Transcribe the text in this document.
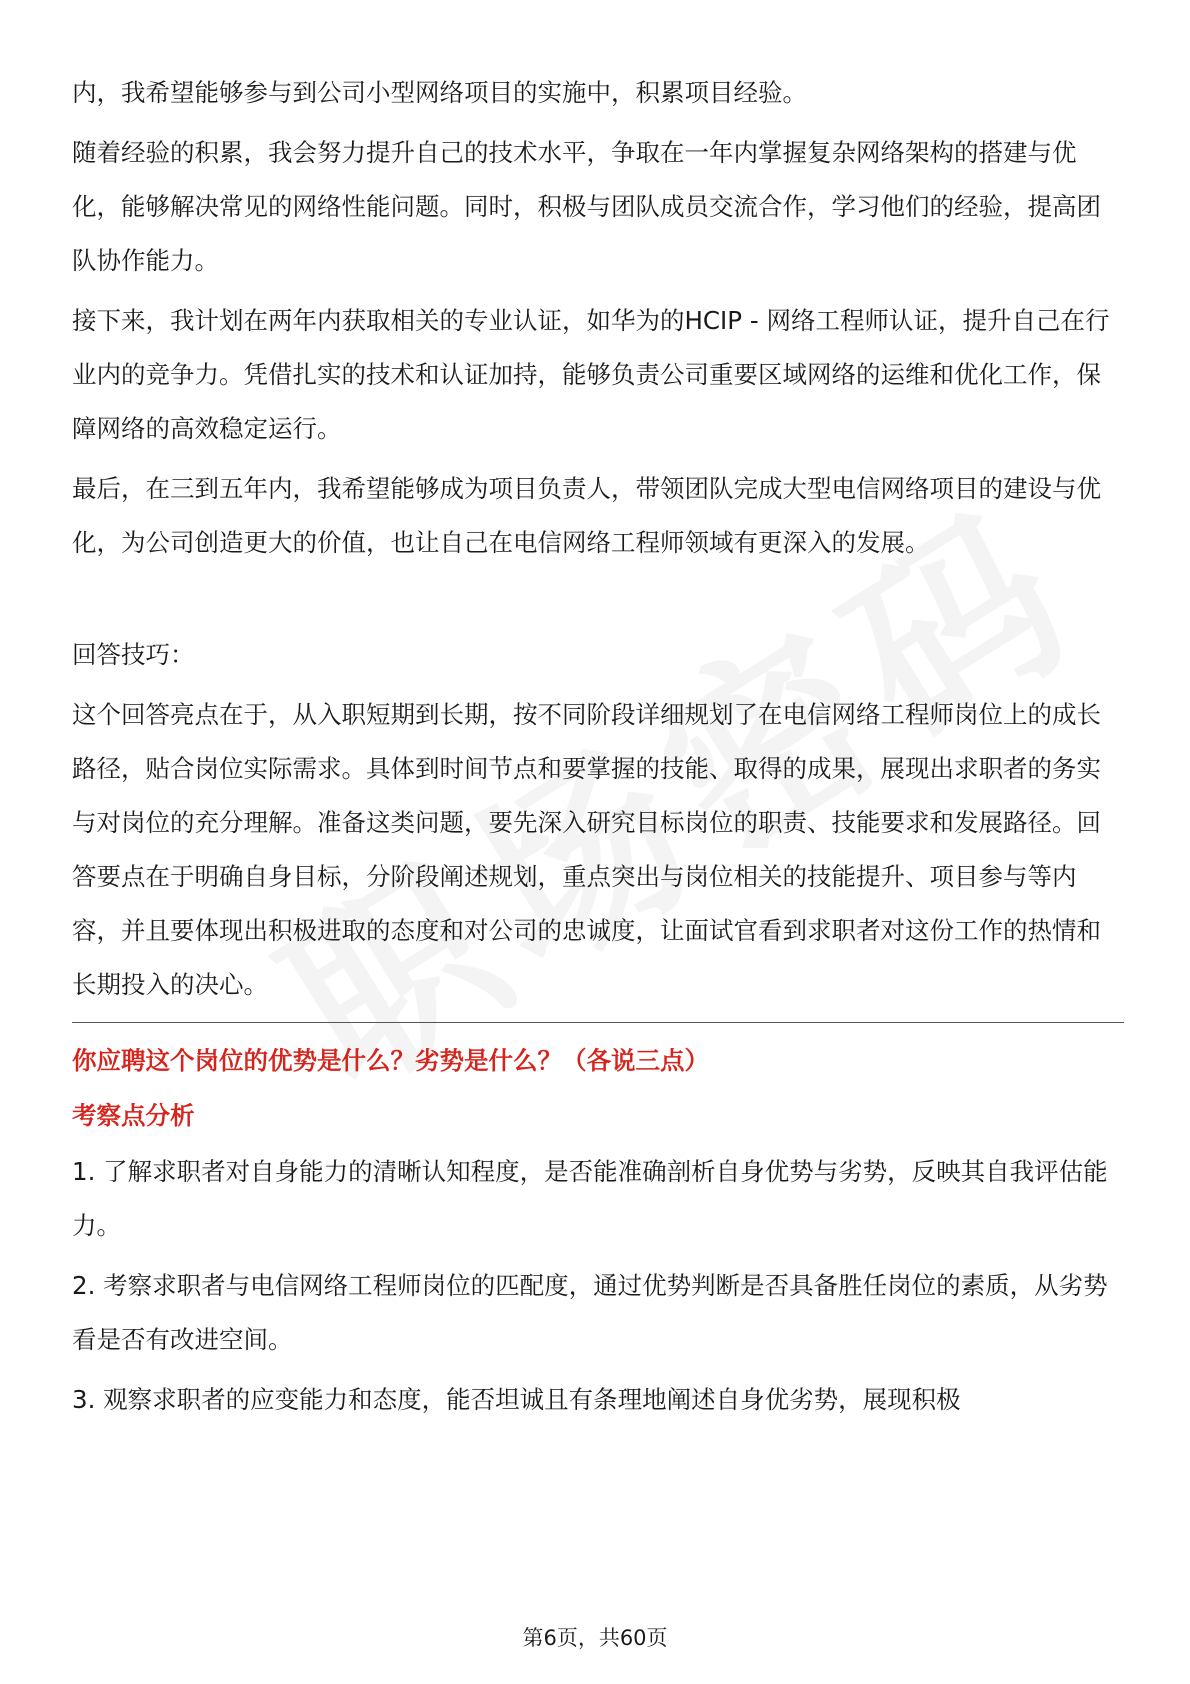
内，我希望能够参与到公司小型网络项目的实施中，积累项目经验。

随着经验的积累，我会努力提升自己的技术水平，争取在一年内掌握复杂网络架构的搭建与优化，能够解决常见的网络性能问题。同时，积极与团队成员交流合作，学习他们的经验，提高团队协作能力。

接下来，我计划在两年内获取相关的专业认证，如华为的HCIP - 网络工程师认证，提升自己在行业内的竞争力。凭借扎实的技术和认证加持，能够负责公司重要区域网络的运维和优化工作，保障网络的高效稳定运行。

最后，在三到五年内，我希望能够成为项目负责人，带领团队完成大型电信网络项目的建设与优化，为公司创造更大的价值，也让自己在电信网络工程师领域有更深入的发展。

回答技巧：

这个回答亮点在于，从入职短期到长期，按不同阶段详细规划了在电信网络工程师岗位上的成长路径，贴合岗位实际需求。具体到时间节点和要掌握的技能、取得的成果，展现出求职者的务实与对岗位的充分理解。准备这类问题，要先深入研究目标岗位的职责、技能要求和发展路径。回答要点在于明确自身目标，分阶段阐述规划，重点突出与岗位相关的技能提升、项目参与等内容，并且要体现出积极进取的态度和对公司的忠诚度，让面试官看到求职者对这份工作的热情和长期投入的决心。

你应聘这个岗位的优势是什么？劣势是什么？（各说三点）

考察点分析

1. 了解求职者对自身能力的清晰认知程度，是否能准确剖析自身优势与劣势，反映其自我评估能力。

2. 考察求职者与电信网络工程师岗位的匹配度，通过优势判断是否具备胜任岗位的素质，从劣势看是否有改进空间。

3. 观察求职者的应变能力和态度，能否坦诚且有条理地阐述自身优劣势，展现积极

第6页，共60页
